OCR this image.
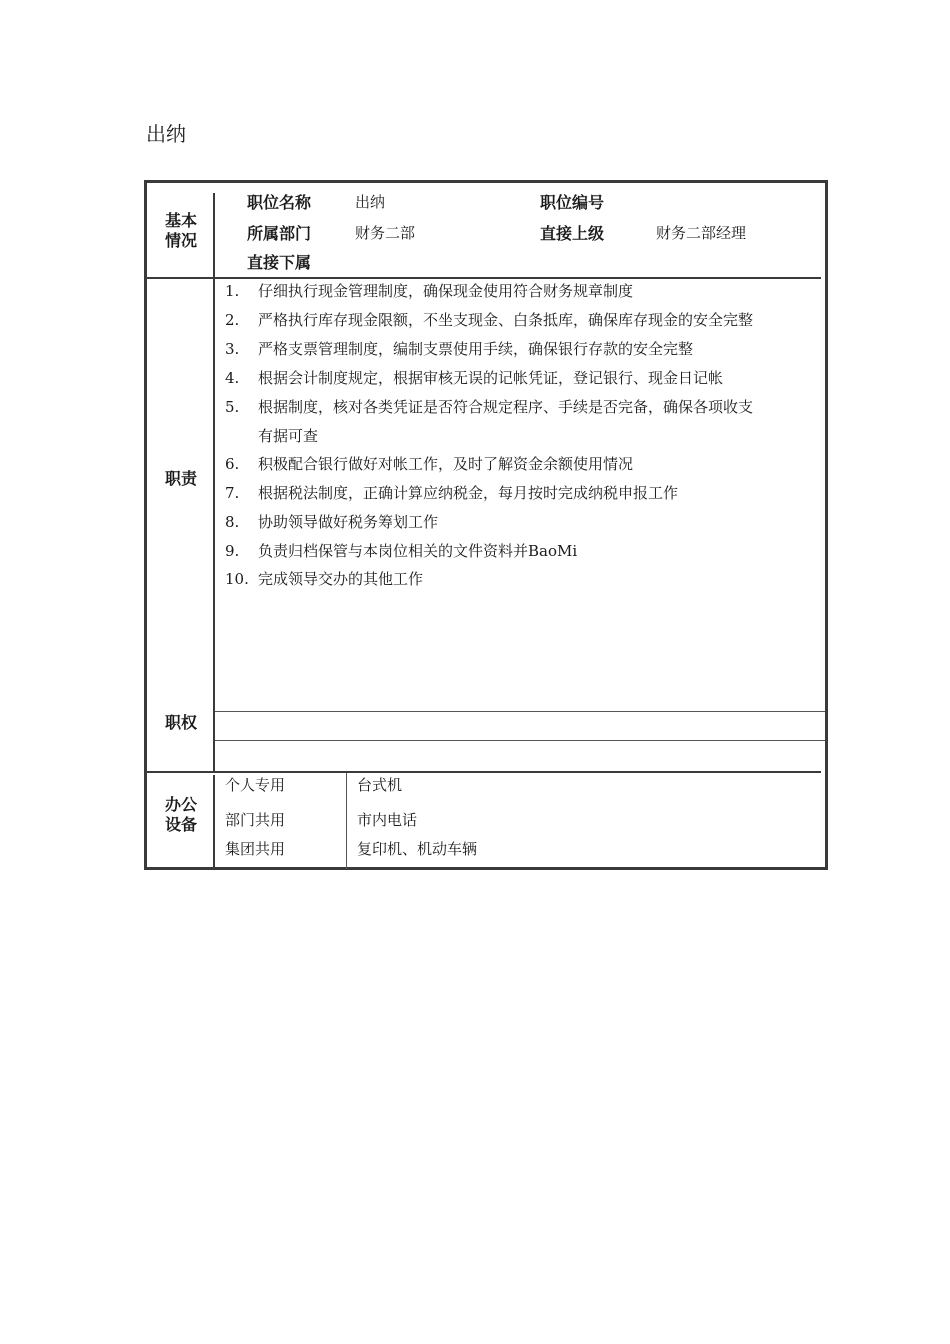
出纳
基本
情况
职位名称	出纳	职位编号
所属部门	财务二部	直接上级	财务二部经理
直接下属
职责
1. 仔细执行现金管理制度，确保现金使用符合财务规章制度
2. 严格执行库存现金限额，不坐支现金、白条抵库，确保库存现金的安全完整
3. 严格支票管理制度，编制支票使用手续，确保银行存款的安全完整
4. 根据会计制度规定，根据审核无误的记帐凭证，登记银行、现金日记帐
5. 根据制度，核对各类凭证是否符合规定程序、手续是否完备，确保各项收支
有据可查
6. 积极配合银行做好对帐工作，及时了解资金余额使用情况
7. 根据税法制度，正确计算应纳税金，每月按时完成纳税申报工作
8. 协助领导做好税务筹划工作
9. 负责归档保管与本岗位相关的文件资料并BaoMi
10. 完成领导交办的其他工作
职权
办公
设备
个人专用	台式机
部门共用	市内电话
集团共用	复印机、机动车辆
